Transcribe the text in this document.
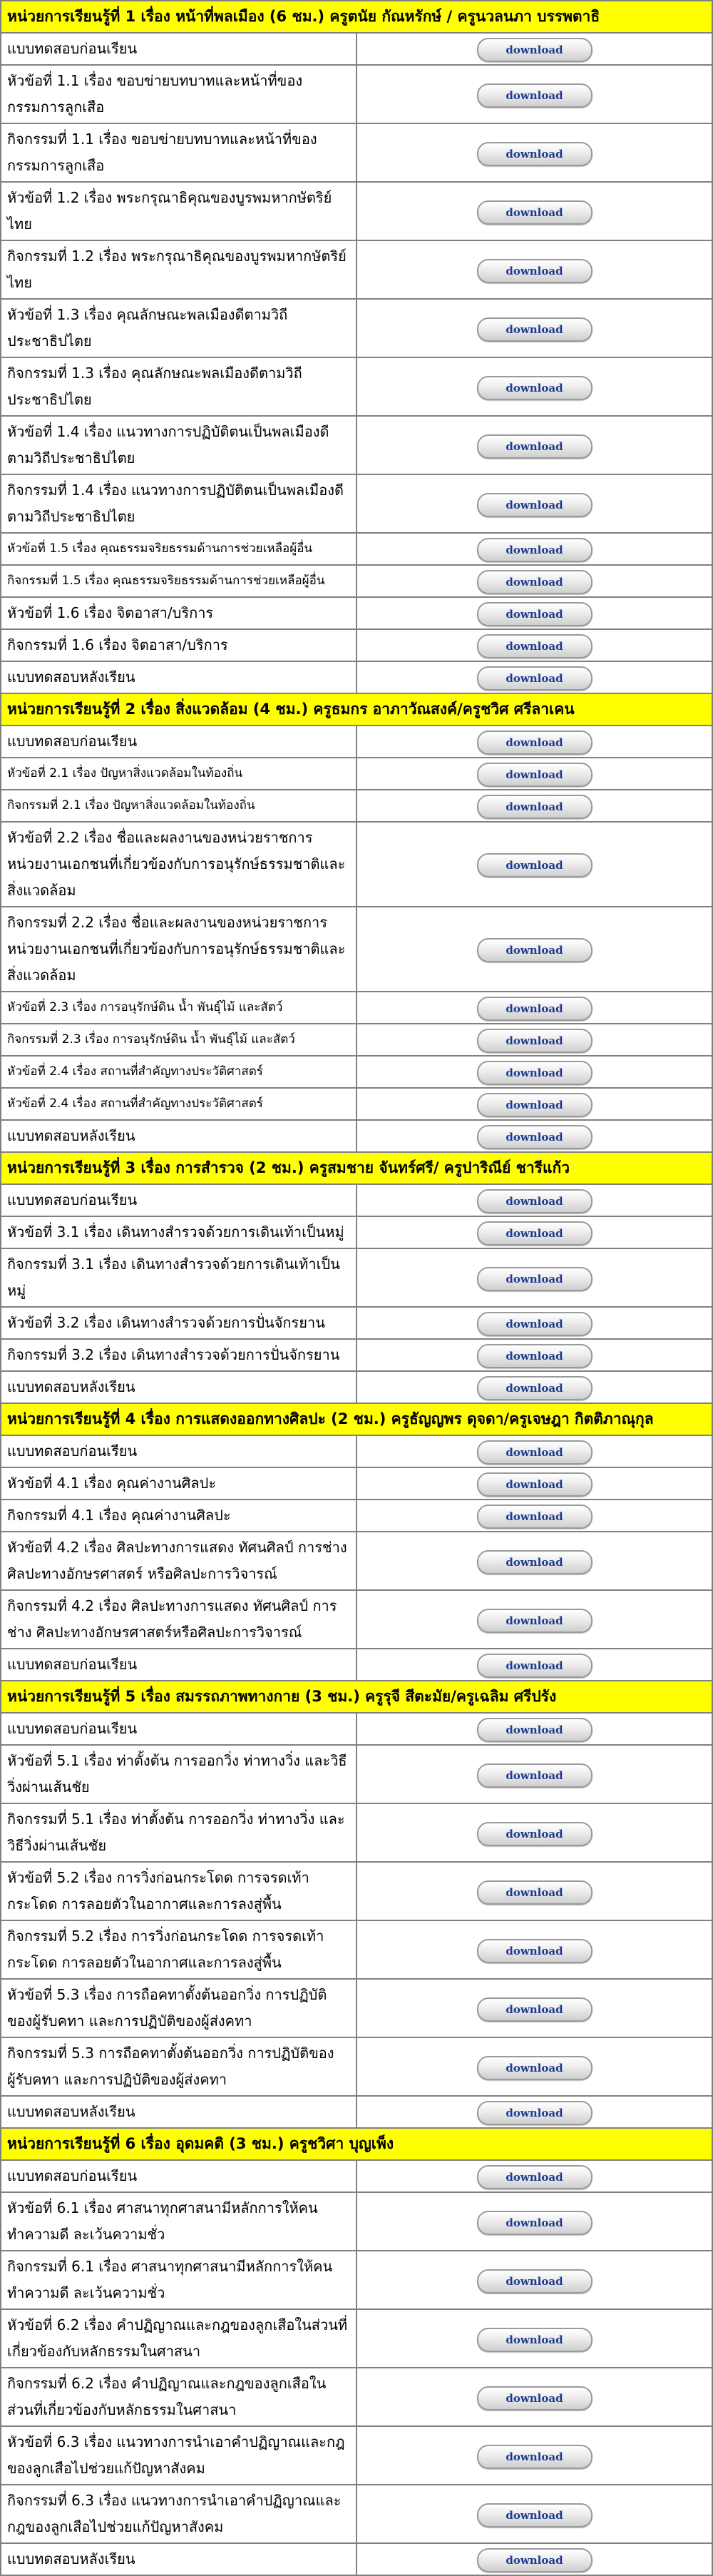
หน่วยการเรียนรู้ที่ 1 เรื่อง หน้าที่พลเมือง (6 ชม.) ครูตนัย กัณหรักษ์ / ครูนวลนภา บรรพตาธิ	
แบบทดสอบก่อนเรียน	download
หัวข้อที่ 1.1 เรื่อง ขอบข่ายบทบาทและหน้าที่ของกรรมการลูกเสือ	download
กิจกรรมที่ 1.1 เรื่อง ขอบข่ายบทบาทและหน้าที่ของกรรมการลูกเสือ	download
หัวข้อที่ 1.2 เรื่อง พระกรุณาธิคุณของบูรพมหากษัตริย์ไทย	download
กิจกรรมที่ 1.2 เรื่อง พระกรุณาธิคุณของบูรพมหากษัตริย์ไทย	download
หัวข้อที่ 1.3 เรื่อง คุณลักษณะพลเมืองดีตามวิถีประชาธิปไตย	download
กิจกรรมที่ 1.3 เรื่อง คุณลักษณะพลเมืองดีตามวิถีประชาธิปไตย	download
หัวข้อที่ 1.4 เรื่อง แนวทางการปฏิบัติตนเป็นพลเมืองดีตามวิถีประชาธิปไตย	download
กิจกรรมที่ 1.4 เรื่อง แนวทางการปฏิบัติตนเป็นพลเมืองดีตามวิถีประชาธิปไตย	download
หัวข้อที่ 1.5 เรื่อง คุณธรรมจริยธรรมด้านการช่วยเหลือผู้อื่น	download
กิจกรรมที่ 1.5 เรื่อง คุณธรรมจริยธรรมด้านการช่วยเหลือผู้อื่น	download
หัวข้อที่ 1.6 เรื่อง จิตอาสา/บริการ	download
กิจกรรมที่ 1.6 เรื่อง จิตอาสา/บริการ	download
แบบทดสอบหลังเรียน	download
หน่วยการเรียนรู้ที่ 2 เรื่อง สิ่งแวดล้อม (4 ชม.) ครูธมกร อาภาวัณสงค์/ครูชวิศ ศรีลาเคน	
แบบทดสอบก่อนเรียน	download
หัวข้อที่ 2.1 เรื่อง ปัญหาสิ่งแวดล้อมในท้องถิ่น	download
กิจกรรมที่ 2.1 เรื่อง ปัญหาสิ่งแวดล้อมในท้องถิ่น	download
หัวข้อที่ 2.2 เรื่อง ชื่อและผลงานของหน่วยราชการ หน่วยงานเอกชนที่เกี่ยวข้องกับการอนุรักษ์ธรรมชาติและสิ่งแวดล้อม	download
กิจกรรมที่ 2.2 เรื่อง ชื่อและผลงานของหน่วยราชการ หน่วยงานเอกชนที่เกี่ยวข้องกับการอนุรักษ์ธรรมชาติและสิ่งแวดล้อม	download
หัวข้อที่ 2.3 เรื่อง การอนุรักษ์ดิน น้ำ พันธุ์ไม้ และสัตว์	download
กิจกรรมที่ 2.3 เรื่อง การอนุรักษ์ดิน น้ำ พันธุ์ไม้ และสัตว์	download
หัวข้อที่ 2.4 เรื่อง สถานที่สำคัญทางประวัติศาสตร์	download
หัวข้อที่ 2.4 เรื่อง สถานที่สำคัญทางประวัติศาสตร์	download
แบบทดสอบหลังเรียน	download
หน่วยการเรียนรู้ที่ 3 เรื่อง การสำรวจ (2 ชม.) ครูสมชาย จันทร์ศรี/ ครูปาริณีย์ ชารีแก้ว	
แบบทดสอบก่อนเรียน	download
หัวข้อที่ 3.1 เรื่อง เดินทางสำรวจด้วยการเดินเท้าเป็นหมู่	download
กิจกรรมที่ 3.1 เรื่อง เดินทางสำรวจด้วยการเดินเท้าเป็นหมู่	download
หัวข้อที่ 3.2 เรื่อง เดินทางสำรวจด้วยการปั่นจักรยาน	download
กิจกรรมที่ 3.2 เรื่อง เดินทางสำรวจด้วยการปั่นจักรยาน	download
แบบทดสอบหลังเรียน	download
หน่วยการเรียนรู้ที่ 4 เรื่อง การแสดงออกทางศิลปะ (2 ชม.) ครูธัญญพร ดุจดา/ครูเจษฎา กิตติภาณุกุล	
แบบทดสอบก่อนเรียน	download
หัวข้อที่ 4.1 เรื่อง คุณค่างานศิลปะ	download
กิจกรรมที่ 4.1 เรื่อง คุณค่างานศิลปะ	download
หัวข้อที่ 4.2 เรื่อง ศิลปะทางการแสดง ทัศนศิลป์ การช่าง ศิลปะทางอักษรศาสตร์ หรือศิลปะการวิจารณ์	download
กิจกรรมที่ 4.2 เรื่อง ศิลปะทางการแสดง ทัศนศิลป์ การช่าง ศิลปะทางอักษรศาสตร์หรือศิลปะการวิจารณ์	download
แบบทดสอบก่อนเรียน	download
หน่วยการเรียนรู้ที่ 5 เรื่อง สมรรถภาพทางกาย (3 ชม.) ครูรุจี สีตะมัย/ครูเฉลิม ศรีปรัง	
แบบทดสอบก่อนเรียน	download
หัวข้อที่ 5.1 เรื่อง ท่าตั้งต้น การออกวิ่ง ท่าทางวิ่ง และวิธีวิ่งผ่านเส้นชัย	download
กิจกรรมที่ 5.1 เรื่อง ท่าตั้งต้น การออกวิ่ง ท่าทางวิ่ง และวิธีวิ่งผ่านเส้นชัย	download
หัวข้อที่ 5.2 เรื่อง การวิ่งก่อนกระโดด การจรดเท้ากระโดด การลอยตัวในอากาศและการลงสู่พื้น	download
กิจกรรมที่ 5.2 เรื่อง การวิ่งก่อนกระโดด การจรดเท้ากระโดด การลอยตัวในอากาศและการลงสู่พื้น	download
หัวข้อที่ 5.3 เรื่อง การถือคทาตั้งต้นออกวิ่ง การปฏิบัติของผู้รับคทา และการปฏิบัติของผู้ส่งคทา	download
กิจกรรมที่ 5.3 การถือคทาตั้งต้นออกวิ่ง การปฏิบัติของผู้รับคทา และการปฏิบัติของผู้ส่งคทา	download
แบบทดสอบหลังเรียน	download
หน่วยการเรียนรู้ที่ 6 เรื่อง อุดมคติ (3 ชม.) ครูชวิศา บุญเพ็ง	
แบบทดสอบก่อนเรียน	download
หัวข้อที่ 6.1 เรื่อง ศาสนาทุกศาสนามีหลักการให้คนทำความดี ละเว้นความชั่ว	download
กิจกรรมที่ 6.1 เรื่อง ศาสนาทุกศาสนามีหลักการให้คนทำความดี ละเว้นความชั่ว	download
หัวข้อที่ 6.2 เรื่อง คำปฏิญาณและกฎของลูกเสือในส่วนที่เกี่ยวข้องกับหลักธรรมในศาสนา	download
กิจกรรมที่ 6.2 เรื่อง คำปฏิญาณและกฎของลูกเสือในส่วนที่เกี่ยวข้องกับหลักธรรมในศาสนา	download
หัวข้อที่ 6.3 เรื่อง แนวทางการนำเอาคำปฏิญาณและกฎของลูกเสือไปช่วยแก้ปัญหาสังคม	download
กิจกรรมที่ 6.3 เรื่อง แนวทางการนำเอาคำปฏิญาณและกฎของลูกเสือไปช่วยแก้ปัญหาสังคม	download
แบบทดสอบหลังเรียน	download
